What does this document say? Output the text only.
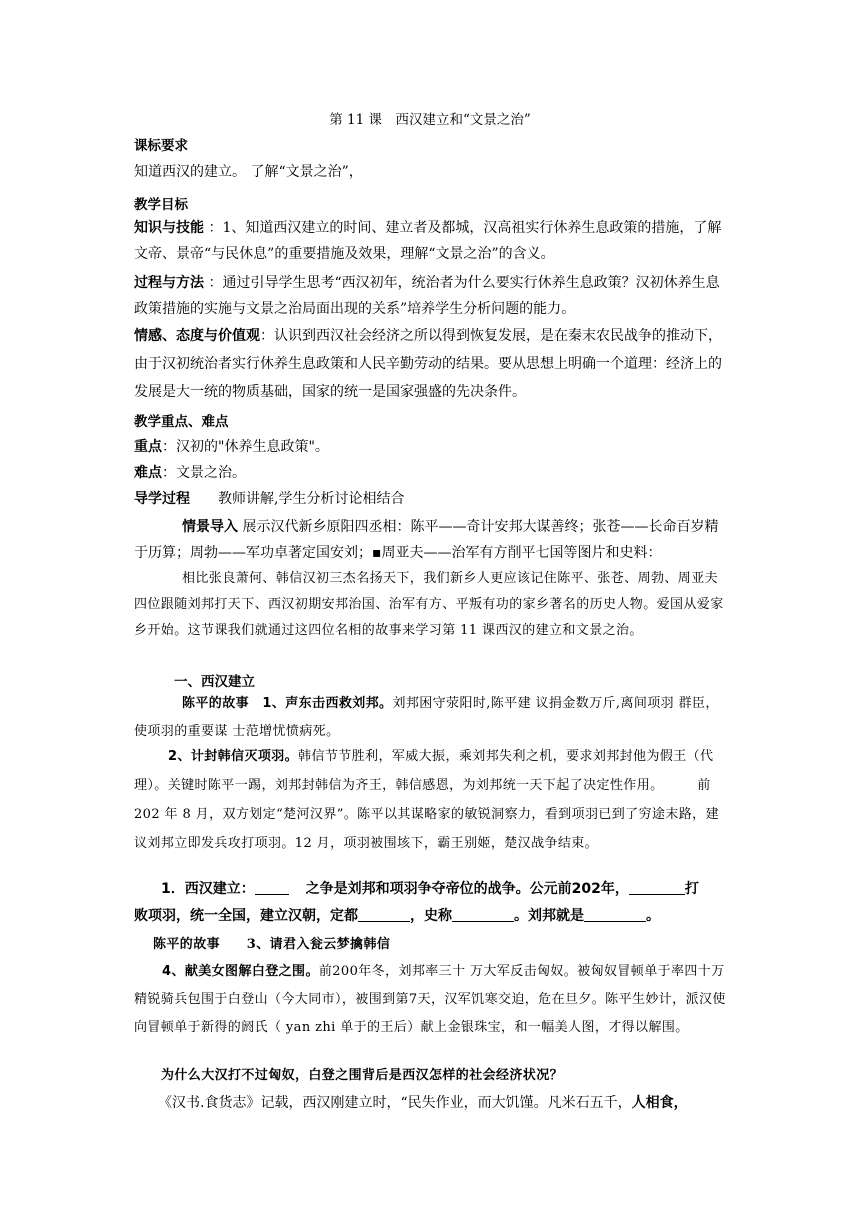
第 11 课　西汉建立和“文景之治”
课标要求
知道西汉的建立。 了解“文景之治”，
教学目标
知识与技能 ：1、知道西汉建立的时间、建立者及都城，汉高祖实行休养生息政策的措施，了解文帝、景帝“与民休息”的重要措施及效果，理解“文景之治”的含义。
过程与方法 ：通过引导学生思考“西汉初年，统治者为什么要实行休养生息政策？汉初休养生息政策措施的实施与文景之治局面出现的关系”培养学生分析问题的能力。
情感、态度与价值观：认识到西汉社会经济之所以得到恢复发展，是在秦末农民战争的推动下，由于汉初统治者实行休养生息政策和人民辛勤劳动的结果。要从思想上明确一个道理：经济上的发展是大一统的物质基础，国家的统一是国家强盛的先决条件。
教学重点、难点
重点：汉初的"休养生息政策"。
难点：文景之治。
导学过程 教师讲解,学生分析讨论相结合
情景导入 展示汉代新乡原阳四丞相：陈平——奇计安邦大谋善终；张苍——长命百岁精于历算；周勃——军功卓著定国安刘；▪周亚夫——治军有方削平七国等图片和史料：
相比张良萧何、韩信汉初三杰名扬天下，我们新乡人更应该记住陈平、张苍、周勃、周亚夫四位跟随刘邦打天下、西汉初期安邦治国、治军有方、平叛有功的家乡著名的历史人物。爱国从爱家乡开始。这节课我们就通过这四位名相的故事来学习第 11 课西汉的建立和文景之治。
一、西汉建立
陈平的故事　1、声东击西救刘邦。刘邦困守荥阳时,陈平建 议捐金数万斤,离间项羽 群臣，使项羽的重要谋 士范增忧愤病死。
2、计封韩信灭项羽。韩信节节胜利，军威大振，乘刘邦失利之机，要求刘邦封他为假王（代理）。关键时陈平一踢，刘邦封韩信为齐王，韩信感恩，为刘邦统一天下起了决定性作用。　　　前 202 年 8 月，双方划定“楚河汉界”。陈平以其谋略家的敏锐洞察力，看到项羽已到了穷途末路，建议刘邦立即发兵攻打项羽。12 月，项羽被围垓下，霸王别姬，楚汉战争结束。
1．西汉建立：	之争是刘邦和项羽争夺帝位的战争。公元前202年，	打
败项羽，统一全国，建立汉朝，定都	，史称	。刘邦就是	。
陈平的故事　　3、请君入瓮云梦擒韩信
4、献美女图解白登之围。前200年冬，刘邦率三十 万大军反击匈奴。被匈奴冒顿单于率四十万精锐骑兵包围于白登山（今大同市），被围到第7天，汉军饥寒交迫，危在旦夕。陈平生妙计，派汉使向冒顿单于新得的阏氏（ yan zhi 单于的王后）献上金银珠宝，和一幅美人图，才得以解围。
为什么大汉打不过匈奴，白登之围背后是西汉怎样的社会经济状况？
《汉书.食货志》记载，西汉刚建立时，“民失作业，而大饥馑。凡米石五千，人相食，
